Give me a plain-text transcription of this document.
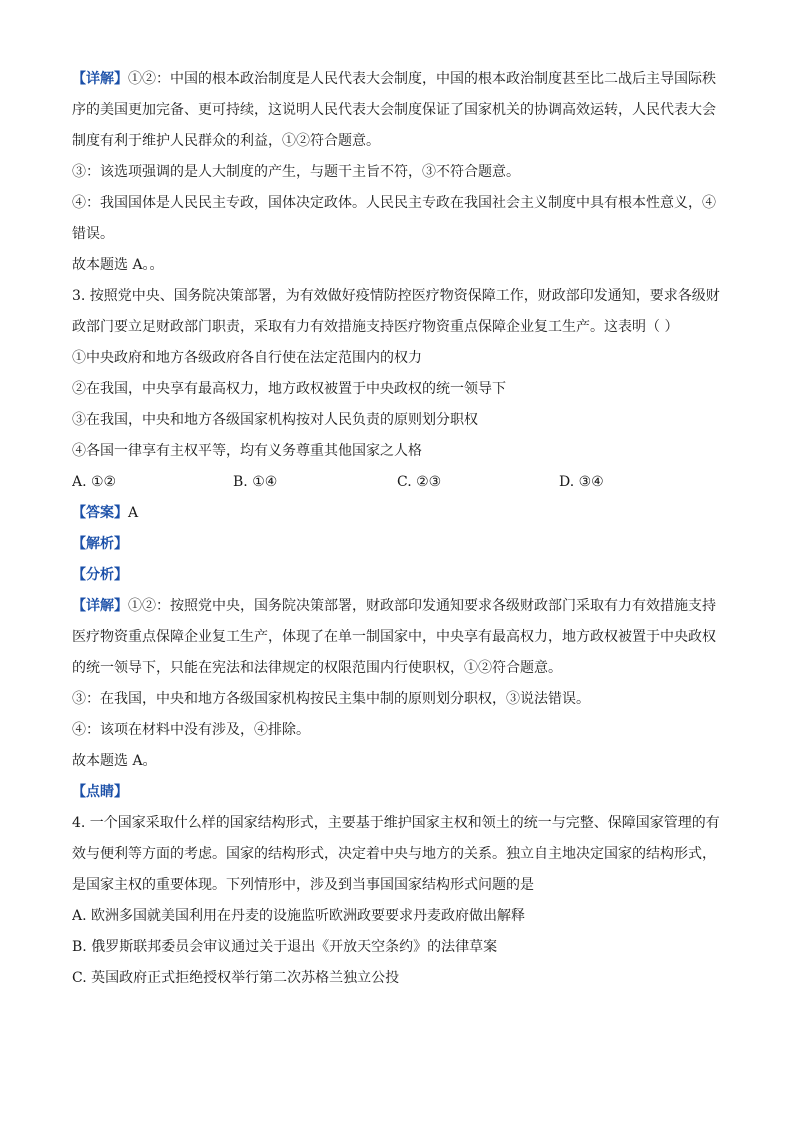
【详解】①②：中国的根本政治制度是人民代表大会制度，中国的根本政治制度甚至比二战后主导国际秩
序的美国更加完备、更可持续，这说明人民代表大会制度保证了国家机关的协调高效运转，人民代表大会
制度有利于维护人民群众的利益，①②符合题意。
③：该选项强调的是人大制度的产生，与题干主旨不符，③不符合题意。
④：我国国体是人民民主专政，国体决定政体。人民民主专政在我国社会主义制度中具有根本性意义，④
错误。
故本题选 A。。
3. 按照党中央、国务院决策部署，为有效做好疫情防控医疗物资保障工作，财政部印发通知，要求各级财
政部门要立足财政部门职责，采取有力有效措施支持医疗物资重点保障企业复工生产。这表明（ ）
①中央政府和地方各级政府各自行使在法定范围内的权力
②在我国，中央享有最高权力，地方政权被置于中央政权的统一领导下
③在我国，中央和地方各级国家机构按对人民负责的原则划分职权
④各国一律享有主权平等，均有义务尊重其他国家之人格
A. ①②	B. ①④	C. ②③	D. ③④
【答案】A
【解析】
【分析】
【详解】①②：按照党中央，国务院决策部署，财政部印发通知要求各级财政部门采取有力有效措施支持
医疗物资重点保障企业复工生产，体现了在单一制国家中，中央享有最高权力，地方政权被置于中央政权
的统一领导下，只能在宪法和法律规定的权限范围内行使职权，①②符合题意。
③：在我国，中央和地方各级国家机构按民主集中制的原则划分职权，③说法错误。
④：该项在材料中没有涉及，④排除。
故本题选 A。
【点睛】
4. 一个国家采取什么样的国家结构形式，主要基于维护国家主权和领土的统一与完整、保障国家管理的有
效与便利等方面的考虑。国家的结构形式，决定着中央与地方的关系。独立自主地决定国家的结构形式，
是国家主权的重要体现。下列情形中，涉及到当事国国家结构形式问题的是
A. 欧洲多国就美国利用在丹麦的设施监听欧洲政要要求丹麦政府做出解释
B. 俄罗斯联邦委员会审议通过关于退出《开放天空条约》的法律草案
C. 英国政府正式拒绝授权举行第二次苏格兰独立公投
